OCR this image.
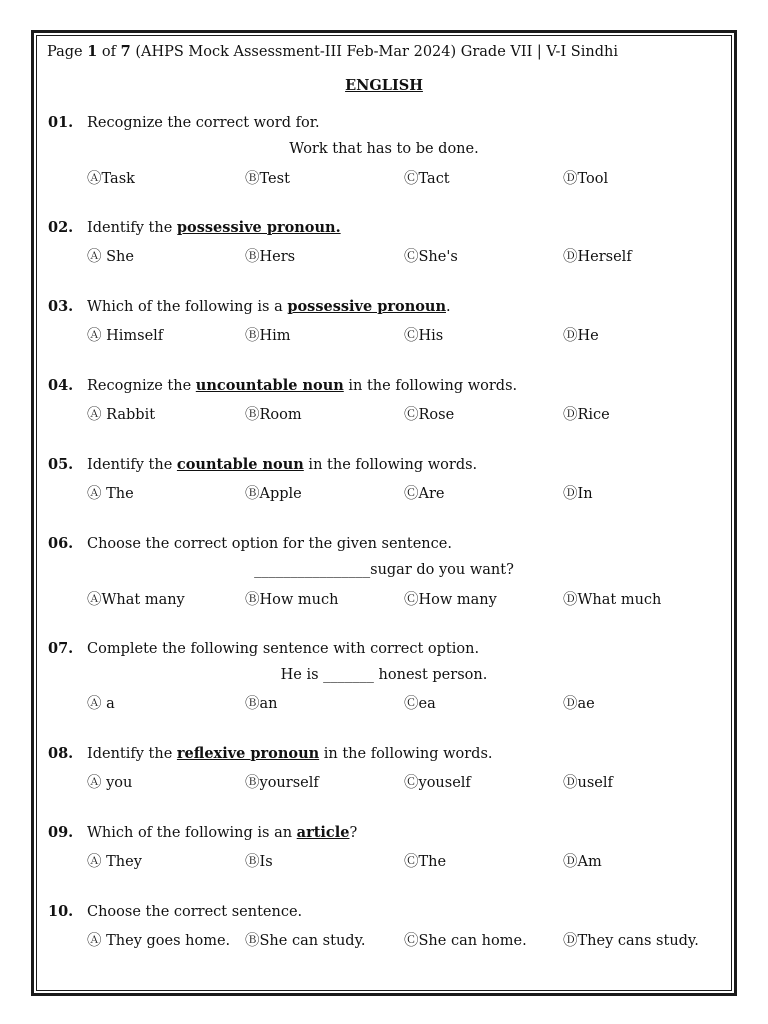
Page 1 of 7 (AHPS Mock Assessment-III Feb-Mar 2024) Grade VII | V-I Sindhi
ENGLISH
01. Recognize the correct word for.
Work that has to be done.
ⒶTask	ⒷTest	ⒸTact	ⒹTool
02. Identify the possessive pronoun.
Ⓐ She	ⒷHers	ⒸShe's	ⒹHerself
03. Which of the following is a possessive pronoun.
Ⓐ Himself	ⒷHim	ⒸHis	ⒹHe
04. Recognize the uncountable noun in the following words.
Ⓐ Rabbit	ⒷRoom	ⒸRose	ⒹRice
05. Identify the countable noun in the following words.
Ⓐ The	ⒷApple	ⒸAre	ⒹIn
06. Choose the correct option for the given sentence.
________________sugar do you want?
ⒶWhat many	ⒷHow much	ⒸHow many	ⒹWhat much
07. Complete the following sentence with correct option.
He is _______ honest person.
Ⓐ a	Ⓑan	Ⓒea	Ⓓae
08. Identify the reflexive pronoun in the following words.
Ⓐ you	Ⓑyourself	Ⓒyouself	Ⓓuself
09. Which of the following is an article?
Ⓐ They	ⒷIs	ⒸThe	ⒹAm
10. Choose the correct sentence.
Ⓐ They goes home. ⒷShe can study.	ⒸShe can home.	ⒹThey cans study.
